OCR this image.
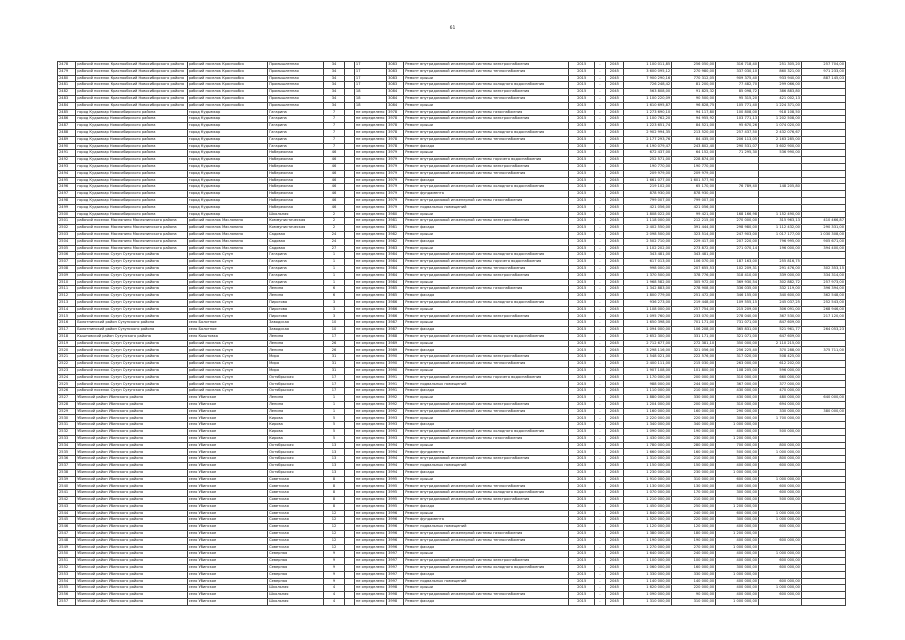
61
2478	рабочий поселок Краснообский Новосибирского района	рабочий поселок Краснообск	Промышленная	34		17	3083	Ремонт внутридомовой инженерной системы электроснабжения	2015	-	2045	1 100 011,85	256 050,00	316 718,40	251 305,20	257 704,00
2479	рабочий поселок Краснообский Новосибирского района	рабочий поселок Краснообск	Промышленная	34		17	3083	Ремонт внутридомовой инженерной системы теплоснабжения	2015	-	2045	3 600 095,12	270 980,00	337 030,10	860 321,00	971 233,00
2480	рабочий поселок Краснообский Новосибирского района	рабочий поселок Краснообск	Промышленная	34		17	3083	Ремонт крыши	2015	-	2045	7 900 290,16	770 312,05	909 375,40	933 940,00	887 145,03
2481	рабочий поселок Краснообский Новосибирского района	рабочий поселок Краснообск	Промышленная	34		17	3083	Ремонт внутридомовой инженерной системы холодного водоснабжения	2015	-	2045	726 248,42	81 200,00	77 482,70	299 066,00	
2482	рабочий поселок Краснообский Новосибирского района	рабочий поселок Краснообск	Промышленная	34		18	3084	Ремонт внутридомовой инженерной системы электроснабжения	2015	-	2045	563 808,00	91 825,32	85 098,72	386 883,80	
2483	рабочий поселок Краснообский Новосибирского района	рабочий поселок Краснообск	Промышленная	34		18	3084	Ремонт внутридомовой инженерной системы теплоснабжения	2015	-	2045	1 100 220,09	90 500,00	95 315,20	421 002,13	
2484	рабочий поселок Краснообский Новосибирского района	рабочий поселок Краснообск	Промышленная	34		18	3084	Ремонт крыши	2015	-	2045	1 610 695,87	96 828,75	105 771,40	1 224 371,00	
2485	город Кудымкар Новосибирского района	город Кудымкар	Гагарина	7		не определено	3978	Ремонт внутридомовой инженерной системы газоснабжения	2015	-	2045	1 273 690,10	94 117,80	100 808,00	918 108,50	
2486	город Кудымкар Новосибирского района	город Кудымкар	Гагарина	7		не определено	3978	Ремонт внутридомовой инженерной системы электроснабжения	2015	-	2045	1 100 762,20	94 955,92	103 771,13	1 202 508,00	
2487	город Кудымкар Новосибирского района	город Кудымкар	Гагарина	7		не определено	3978	Ремонт крыши	2015	-	2045	1 223 651,74	84 521,00	95 670,26	1 074 020,00	
2488	город Кудымкар Новосибирского района	город Кудымкар	Гагарина	7		не определено	3978	Ремонт внутридомовой инженерной системы холодного водоснабжения	2015	-	2045	2 902 994,35	213 520,00	257 437,50	2 432 076,67	
2489	город Кудымкар Новосибирского района	город Кудымкар	Гагарина	7		не определено	3978	Ремонт внутридомовой инженерной системы теплоснабжения	2015	-	2045	2 177 293,76	84 435,00	206 113,05	2 163 285,00	
2490	город Кудымкар Новосибирского района	город Кудымкар	Гагарина	7		не определено	3978	Ремонт фасада	2015	-	2045	4 190 079,47	243 802,40	290 531,07	3 602 900,00	
2491	город Кудымкар Новосибирского района	город Кудымкар	Набережная	46		не определено	3979	Ремонт крыши	2015	-	2045	672 437,00	64 152,00	71 295,30	536 990,00	
2492	город Кудымкар Новосибирского района	город Кудымкар	Набережная	46		не определено	3979	Ремонт внутридомовой инженерной системы горячего водоснабжения	2015	-	2045	252 571,00	228 874,00			
2493	город Кудымкар Новосибирского района	город Кудымкар	Набережная	46		не определено	3979	Ремонт внутридомовой инженерной системы электроснабжения	2015	-	2045	190 770,00	190 770,00			
2494	город Кудымкар Новосибирского района	город Кудымкар	Набережная	46		не определено	3979	Ремонт внутридомовой инженерной системы теплоснабжения	2015	-	2045	209 979,00	209 979,00			
2495	город Кудымкар Новосибирского района	город Кудымкар	Набережная	46		не определено	3979	Ремонт фасада	2015	-	2045	1 661 077,00	1 601 577,90			
2496	город Кудымкар Новосибирского района	город Кудымкар	Набережная	46		не определено	3979	Ремонт внутридомовой инженерной системы холодного водоснабжения	2015	-	2045	219 102,00	65 170,00	76 789,40	148 205,80	
2497	город Кудымкар Новосибирского района	город Кудымкар	Набережная	46		не определено	3979	Ремонт фундамента	2015	-	2045	878 930,00	878 930,00			
2498	город Кудымкар Новосибирского района	город Кудымкар	Набережная	46		не определено	3979	Ремонт внутридомовой инженерной системы газоснабжения	2015	-	2045	799 007,00	799 007,00			
2499	город Кудымкар Новосибирского района	город Кудымкар	Набережная	46		не определено	3979	Ремонт подвальных помещений	2015	-	2045	421 056,00	421 056,00			
2500	город Кудымкар Новосибирского района	город Кудымкар	Школьная	2		не определено	3980	Ремонт крыши	2015	-	2045	1 808 022,00	99 421,00	168 166,98	1 152 490,00	
2501	рабочий поселок Маслянино Маслянинского района	рабочий поселок Маслянино	Коммунистическая	2		не определено	3981	Ремонт внутридомовой инженерной системы электроснабжения	2015	-	2045	1 118 000,00	212 215,00	270 000,00	315 963,13	410 466,87
2502	рабочий поселок Маслянино Маслянинского района	рабочий поселок Маслянино	Коммунистическая	2		не определено	3981	Ремонт фасада	2015	-	2045	2 402 550,00	391 444,00	298 980,00	1 112 432,00	290 331,00
2503	рабочий поселок Маслянино Маслянинского района	рабочий поселок Маслянино	Садовая	24		не определено	3982	Ремонт крыши	2015	-	2045	2 098 500,00	323 514,00	247 903,00	1 017 177,00	1 030 308,00
2504	рабочий поселок Маслянино Маслянинского района	рабочий поселок Маслянино	Садовая	24		не определено	3982	Ремонт фасада	2015	-	2045	2 502 710,00	229 417,00	207 220,00	796 995,00	905 671,00
2505	рабочий поселок Маслянино Маслянинского района	рабочий поселок Маслянино	Садовая	27		не определено	3983	Ремонт крыши	2015	-	2045	1 102 202,00	273 872,00	271 070,14	196 000,00	394 400,00
2506	рабочий поселок Сузун Сузунского района	рабочий поселок Сузун	Гагарина	1		не определено	3984	Ремонт внутридомовой инженерной системы холодного водоснабжения	2015	-	2045	343 481,00	343 481,00			
2507	рабочий поселок Сузун Сузунского района	рабочий поселок Сузун	Гагарина	1		не определено	3984	Ремонт внутридомовой инженерной системы горячего водоснабжения	2015	-	2045	617 013,00	106 070,00	187 163,00	255 816,75	
2508	рабочий поселок Сузун Сузунского района	рабочий поселок Сузун	Гагарина	1		не определено	3984	Ремонт внутридомовой инженерной системы теплоснабжения	2015	-	2045	998 000,00	207 655,53	102 209,31	291 476,00	302 353,15
2509	рабочий поселок Сузун Сузунского района	рабочий поселок Сузун	Гагарина	1		не определено	3984	Ремонт внутридомовой инженерной системы электроснабжения	2015	-	2045	1 370 500,00	378 776,00	318 410,00	339 000,00	334 314,00
2510	рабочий поселок Сузун Сузунского района	рабочий поселок Сузун	Гагарина	1		не определено	3984	Ремонт крыши	2015	-	2045	1 968 582,00	305 972,00	369 930,54	302 882,72	257 973,00
2511	рабочий поселок Сузун Сузунского района	рабочий поселок Сузун	Ленина	6		не определено	3985	Ремонт внутридомовой инженерной системы газоснабжения	2015	-	2045	1 342 883,00	278 908,00	336 035,00	332 119,00	396 394,00
2512	рабочий поселок Сузун Сузунского района	рабочий поселок Сузун	Ленина	6		не определено	3985	Ремонт фасада	2015	-	2045	1 800 779,00	251 472,00	346 155,00	340 600,00	362 548,00
2513	рабочий поселок Сузун Сузунского района	рабочий поселок Сузун	Пирогова	3		не определено	3986	Ремонт внутридомовой инженерной системы холодного водоснабжения	2015	-	2045	936 273,00	219 448,00	109 555,15	245 037,25	252 543,00
2514	рабочий поселок Сузун Сузунского района	рабочий поселок Сузун	Пирогова	3		не определено	3986	Ремонт крыши	2015	-	2045	1 108 000,00	257 754,00	215 209,00	306 091,00	268 946,00
2515	рабочий поселок Сузун Сузунского района	рабочий поселок Сузун	Пирогова	3		не определено	3986	Ремонт внутридомовой инженерной системы электроснабжения	2015	-	2045	1 095 760,00	233 070,00	278 040,00	367 530,00	217 120,00
2516	Болотнинский район Сузунского района	село Болотное	Заводская	10		не определено	3987	Ремонт крыши	2015	-	2045	1 650 398,00	701 171,00	731 071,00	847 609,00	
2517	Болотнинский район Сузунского района	село Болотное	Заводская	10		не определено	3987	Ремонт фасада	2015	-	2045	1 094 000,00	106 208,00	365 831,00	521 961,77	264 053,23
2518	Кыштовский район Сузунского района	село Кыштовка	Ленина	17		не определено	3988	Ремонт внутридомовой инженерной системы холодного водоснабжения	2015	-	2045	2 652 300,00	331 171,00	321 071,00	647 609,00	
2519	рабочий поселок Сузун Сузунского района	рабочий поселок Сузун	Ленина	26		не определено	3989	Ремонт крыши	2015	-	2045	2 712 677,00	272 381,10	350 000,00	2 110 215,00	
2520	рабочий поселок Сузун Сузунского района	рабочий поселок Сузун	Ленина	26		не определено	3989	Ремонт фасада	2015	-	2045	3 298 116,00	321 056,00	256 225,40	370 288,00	375 711,00
2521	рабочий поселок Сузун Сузунского района	рабочий поселок Сузун	Мира	31		не определено	3990	Ремонт внутридомовой инженерной системы электроснабжения	2015	-	2045	1 548 021,00	222 576,00	317 020,00	508 425,00	
2522	рабочий поселок Сузун Сузунского района	рабочий поселок Сузун	Мира	31		не определено	3990	Ремонт внутридомовой инженерной системы теплоснабжения	2015	-	2045	2 400 111,00	215 030,00	263 000,00	612 202,00	
2523	рабочий поселок Сузун Сузунского района	рабочий поселок Сузун	Мира	31		не определено	3990	Ремонт крыши	2015	-	2045	1 907 108,00	101 800,00	108 205,00	596 000,00	
2524	рабочий поселок Сузун Сузунского района	рабочий поселок Сузун	Октябрьская	17		не определено	3991	Ремонт внутридомовой инженерной системы горячего водоснабжения	2015	-	2045	1 170 000,00	200 000,00	310 000,00	660 000,00	
2525	рабочий поселок Сузун Сузунского района	рабочий поселок Сузун	Октябрьская	17		не определено	3991	Ремонт подвальных помещений	2015	-	2045	988 000,00	244 000,00	367 000,00	377 000,00	
2526	рабочий поселок Сузун Сузунского района	рабочий поселок Сузун	Октябрьская	17		не определено	3991	Ремонт фасада	2015	-	2045	1 110 000,00	210 000,00	430 000,00	470 000,00	
2527	Убинский район Убинского района	село Убинское	Ленина	1		не определено	3992	Ремонт крыши	2015	-	2045	1 880 000,00	330 000,00	430 000,00	480 000,00	640 000,00
2528	Убинский район Убинского района	село Убинское	Ленина	1		не определено	3992	Ремонт внутридомовой инженерной системы электроснабжения	2015	-	2045	1 204 000,00	200 000,00	310 000,00	694 000,00	
2529	Убинский район Убинского района	село Убинское	Ленина	1		не определено	3992	Ремонт внутридомовой инженерной системы теплоснабжения	2015	-	2045	1 160 000,00	160 000,00	290 000,00	330 000,00	380 000,00
2530	Убинский район Убинского района	село Убинское	Кирова	5		не определено	3993	Ремонт крыши	2015	-	2045	2 220 000,00	220 000,00	300 000,00	1 700 000,00	
2531	Убинский район Убинского района	село Убинское	Кирова	5		не определено	3993	Ремонт фасада	2015	-	2045	1 340 000,00	340 000,00	1 000 000,00		
2532	Убинский район Убинского района	село Убинское	Кирова	5		не определено	3993	Ремонт внутридомовой инженерной системы холодного водоснабжения	2015	-	2045	1 090 000,00	190 000,00	400 000,00	500 000,00	
2533	Убинский район Убинского района	село Убинское	Кирова	5		не определено	3993	Ремонт внутридомовой инженерной системы газоснабжения	2015	-	2045	1 430 000,00	230 000,00	1 200 000,00		
2534	Убинский район Убинского района	село Убинское	Октябрьская	13		не определено	3994	Ремонт крыши	2015	-	2045	1 780 000,00	280 000,00	700 000,00	800 000,00	
2535	Убинский район Убинского района	село Убинское	Октябрьская	13		не определено	3994	Ремонт фундамента	2015	-	2045	1 660 000,00	160 000,00	500 000,00	1 000 000,00	
2536	Убинский район Убинского района	село Убинское	Октябрьская	13		не определено	3994	Ремонт внутридомовой инженерной системы электроснабжения	2015	-	2045	1 310 000,00	210 000,00	300 000,00	800 000,00	
2537	Убинский район Убинского района	село Убинское	Октябрьская	13		не определено	3994	Ремонт подвальных помещений	2015	-	2045	1 150 000,00	150 000,00	400 000,00	600 000,00	
2538	Убинский район Убинского района	село Убинское	Октябрьская	13		не определено	3994	Ремонт фасада	2015	-	2045	1 230 000,00	230 000,00	1 000 000,00		
2539	Убинский район Убинского района	село Убинское	Советская	8		не определено	3995	Ремонт крыши	2015	-	2045	1 910 000,00	310 000,00	600 000,00	1 000 000,00	
2540	Убинский район Убинского района	село Убинское	Советская	8		не определено	3995	Ремонт внутридомовой инженерной системы теплоснабжения	2015	-	2045	1 130 000,00	130 000,00	400 000,00	600 000,00	
2541	Убинский район Убинского района	село Убинское	Советская	8		не определено	3995	Ремонт внутридомовой инженерной системы холодного водоснабжения	2015	-	2045	1 070 000,00	170 000,00	300 000,00	600 000,00	
2542	Убинский район Убинского района	село Убинское	Советская	8		не определено	3995	Ремонт внутридомовой инженерной системы электроснабжения	2015	-	2045	1 210 000,00	210 000,00	500 000,00	500 000,00	
2543	Убинский район Убинского района	село Убинское	Советская	8		не определено	3995	Ремонт фасада	2015	-	2045	1 450 000,00	250 000,00	1 200 000,00		
2544	Убинский район Убинского района	село Убинское	Советская	12		не определено	3996	Ремонт крыши	2015	-	2045	1 840 000,00	240 000,00	600 000,00	1 000 000,00	
2545	Убинский район Убинского района	село Убинское	Советская	12		не определено	3996	Ремонт фундамента	2015	-	2045	1 520 000,00	220 000,00	300 000,00	1 000 000,00	
2546	Убинский район Убинского района	село Убинское	Советская	12		не определено	3996	Ремонт подвальных помещений	2015	-	2045	1 120 000,00	120 000,00	400 000,00	600 000,00	
2547	Убинский район Убинского района	село Убинское	Советская	12		не определено	3996	Ремонт внутридомовой инженерной системы газоснабжения	2015	-	2045	1 380 000,00	180 000,00	1 200 000,00		
2548	Убинский район Убинского района	село Убинское	Советская	12		не определено	3996	Ремонт внутридомовой инженерной системы теплоснабжения	2015	-	2045	1 190 000,00	190 000,00	400 000,00	600 000,00	
2549	Убинский район Убинского района	село Убинское	Советская	12		не определено	3996	Ремонт фасада	2015	-	2045	1 270 000,00	270 000,00	1 000 000,00		
2550	Убинский район Убинского района	село Убинское	Северная	9		не определено	3997	Ремонт крыши	2015	-	2045	1 640 000,00	240 000,00	400 000,00	1 000 000,00	
2551	Убинский район Убинского района	село Убинское	Северная	9		не определено	3997	Ремонт внутридомовой инженерной системы электроснабжения	2015	-	2045	1 100 000,00	100 000,00	400 000,00	600 000,00	
2552	Убинский район Убинского района	село Убинское	Северная	9		не определено	3997	Ремонт внутридомовой инженерной системы холодного водоснабжения	2015	-	2045	1 060 000,00	160 000,00	300 000,00	600 000,00	
2553	Убинский район Убинского района	село Убинское	Северная	9		не определено	3997	Ремонт фасада	2015	-	2045	1 330 000,00	330 000,00	1 000 000,00		
2554	Убинский район Убинского района	село Убинское	Северная	9		не определено	3997	Ремонт подвальных помещений	2015	-	2045	1 140 000,00	140 000,00	400 000,00	600 000,00	
2555	Убинский район Убинского района	село Убинское	Школьная	4		не определено	3998	Ремонт крыши	2015	-	2045	1 620 000,00	220 000,00	400 000,00	1 000 000,00	
2556	Убинский район Убинского района	село Убинское	Школьная	4		не определено	3998	Ремонт внутридомовой инженерной системы теплоснабжения	2015	-	2045	1 090 000,00	90 000,00	400 000,00	600 000,00	
2557	Убинский район Убинского района	село Убинское	Школьная	4		не определено	3998	Ремонт фасада	2015	-	2045	1 310 000,00	310 000,00	1 000 000,00		
